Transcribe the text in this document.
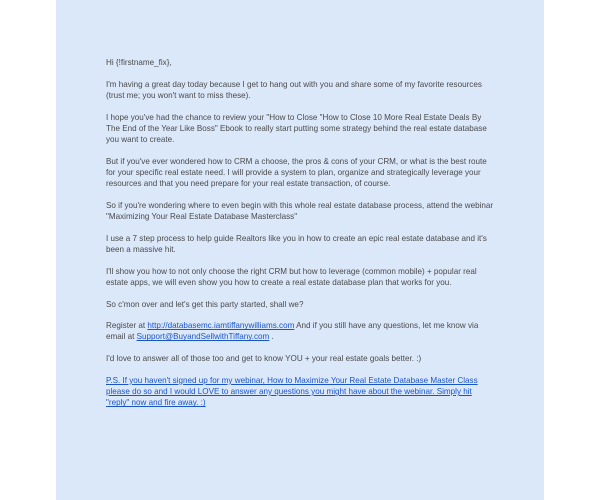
Hi {!firstname_fix},

I'm having a great day today because I get to hang out with you and share some of my favorite resources (trust me; you won't want to miss these).

I hope you've had the chance to review your "How to Close "How to Close 10 More Real Estate Deals By The End of the Year Like Boss" Ebook to really start putting some strategy behind the real estate database you want to create.

But if you've ever wondered how to CRM a choose, the pros & cons of your CRM, or what is the best route for your specific real estate need. I will provide a system to plan, organize and strategically leverage your resources and that you need prepare for your real estate transaction, of course.

So if you're wondering where to even begin with this whole real estate database process, attend the webinar "Maximizing Your Real Estate Database Masterclass"

I use a 7 step process to help guide Realtors like you in how to create an epic real estate database and it's been a massive hit.

I'll show you how to not only choose the right CRM but how to leverage (common mobile) + popular real estate apps, we will even show you how to create a real estate database plan that works for you.

So c'mon over and let's get this party started, shall we?

Register at http://databasemc.iamtiffanywilliams.com And if you still have any questions, let me know via email at Support@BuyandSellwithTiffany.com .

I'd love to answer all of those too and get to know YOU + your real estate goals better. :)

P.S. If you haven't signed up for my webinar, How to Maximize Your Real Estate Database Master Class please do so and I would LOVE to answer any questions you might have about the webinar. Simply hit "reply" now and fire away. :)
